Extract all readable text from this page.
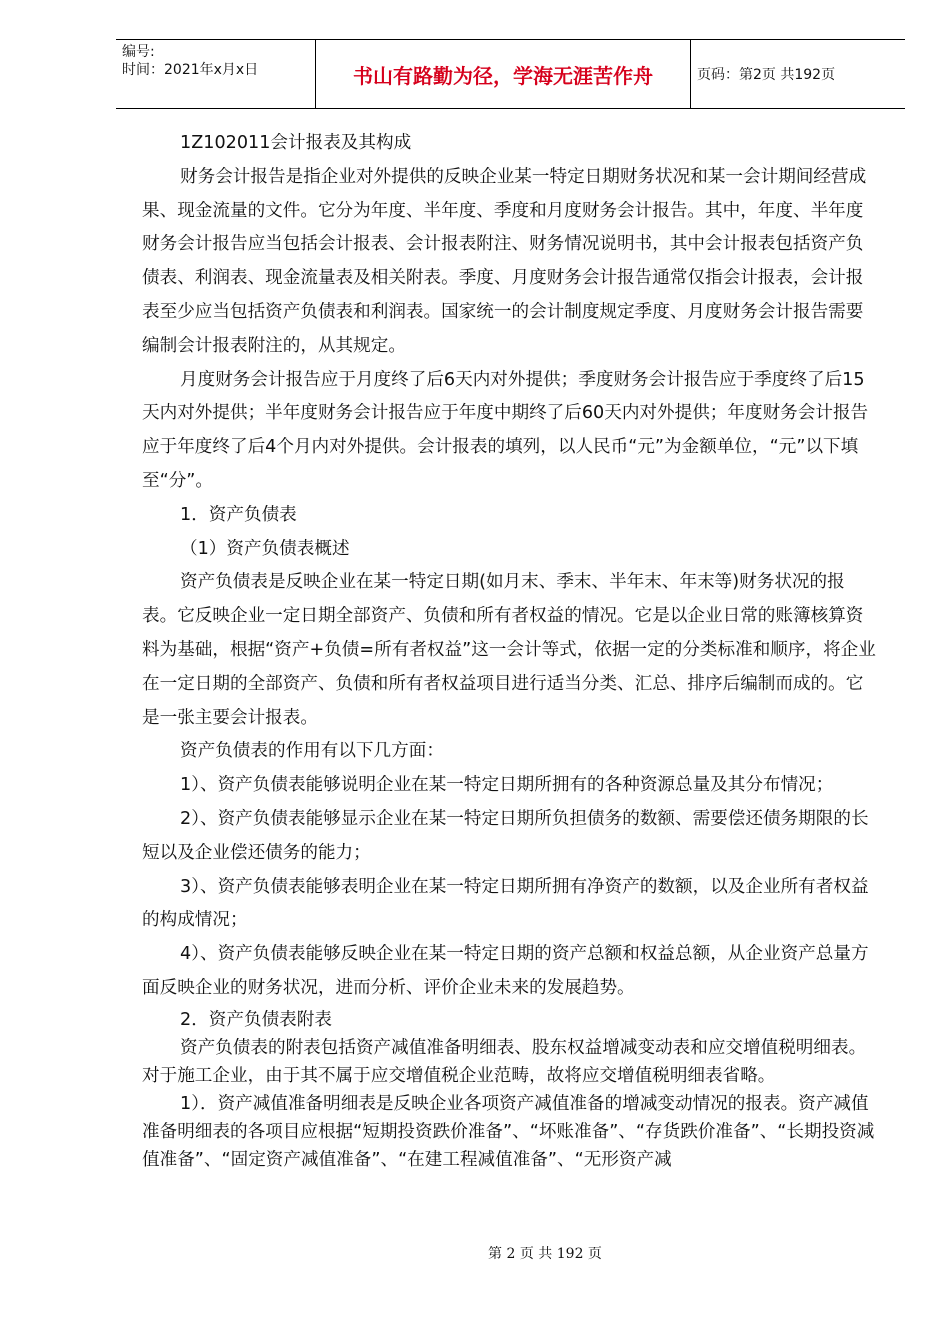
编号:
时间：2021年x月x日	书山有路勤为径，学海无涯苦作舟	页码：第2页 共192页

1Z102011会计报表及其构成

财务会计报告是指企业对外提供的反映企业某一特定日期财务状况和某一会计期间经营成果、现金流量的文件。它分为年度、半年度、季度和月度财务会计报告。其中，年度、半年度财务会计报告应当包括会计报表、会计报表附注、财务情况说明书，其中会计报表包括资产负债表、利润表、现金流量表及相关附表。季度、月度财务会计报告通常仅指会计报表，会计报表至少应当包括资产负债表和利润表。国家统一的会计制度规定季度、月度财务会计报告需要编制会计报表附注的，从其规定。

月度财务会计报告应于月度终了后6天内对外提供；季度财务会计报告应于季度终了后15天内对外提供；半年度财务会计报告应于年度中期终了后60天内对外提供；年度财务会计报告应于年度终了后4个月内对外提供。会计报表的填列，以人民币“元”为金额单位，“元”以下填至“分”。

1．资产负债表

（1）资产负债表概述

资产负债表是反映企业在某一特定日期(如月末、季末、半年末、年末等)财务状况的报表。它反映企业一定日期全部资产、负债和所有者权益的情况。它是以企业日常的账簿核算资料为基础，根据“资产+负债=所有者权益”这一会计等式，依据一定的分类标准和顺序，将企业在一定日期的全部资产、负债和所有者权益项目进行适当分类、汇总、排序后编制而成的。它是一张主要会计报表。

资产负债表的作用有以下几方面：

1）、资产负债表能够说明企业在某一特定日期所拥有的各种资源总量及其分布情况；

2）、资产负债表能够显示企业在某一特定日期所负担债务的数额、需要偿还债务期限的长短以及企业偿还债务的能力；

3）、资产负债表能够表明企业在某一特定日期所拥有净资产的数额，以及企业所有者权益的构成情况；

4）、资产负债表能够反映企业在某一特定日期的资产总额和权益总额，从企业资产总量方面反映企业的财务状况，进而分析、评价企业未来的发展趋势。

2．资产负债表附表

资产负债表的附表包括资产减值准备明细表、股东权益增减变动表和应交增值税明细表。对于施工企业，由于其不属于应交增值税企业范畴，故将应交增值税明细表省略。

1）．资产减值准备明细表是反映企业各项资产减值准备的增减变动情况的报表。资产减值准备明细表的各项目应根据“短期投资跌价准备”、“坏账准备”、“存货跌价准备”、“长期投资减值准备”、“固定资产减值准备”、“在建工程减值准备”、“无形资产减

第 2 页 共 192 页
